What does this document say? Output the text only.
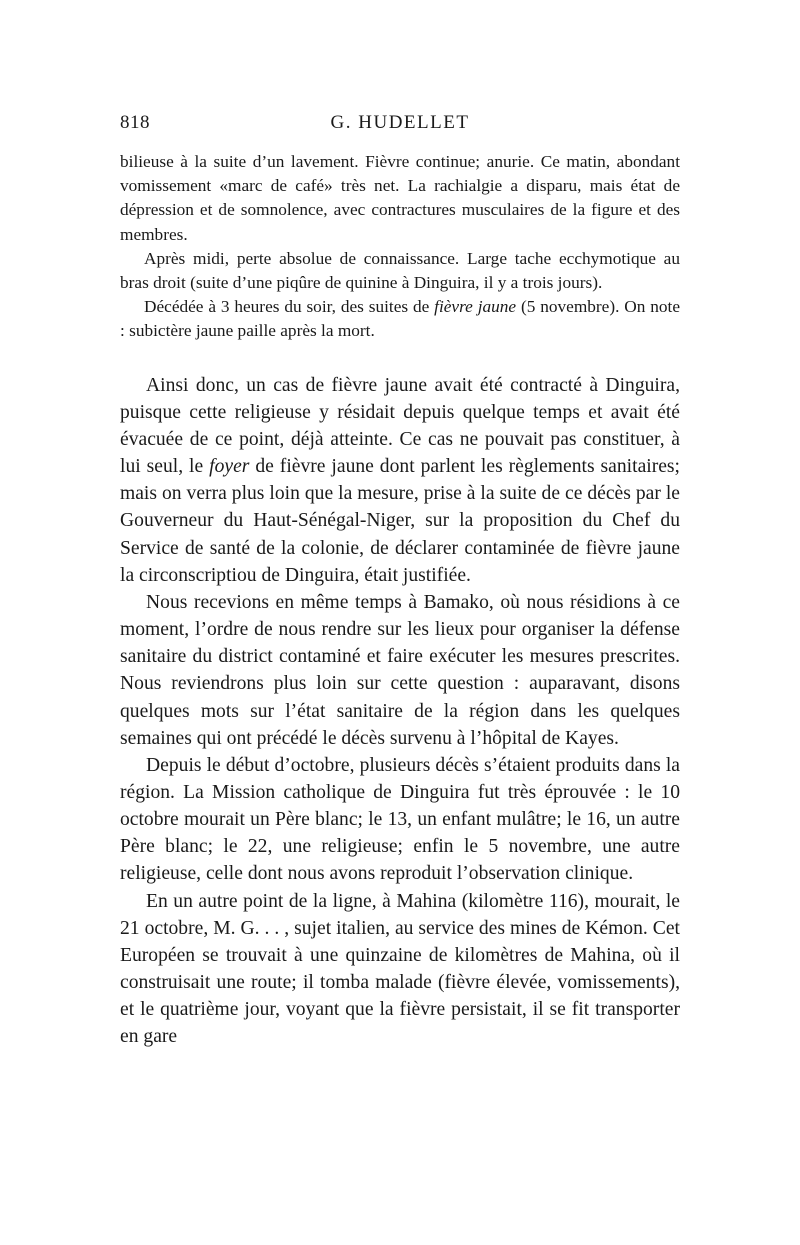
818	G. HUDELLET

bilieuse à la suite d’un lavement. Fièvre continue; anurie. Ce matin, abondant vomissement «marc de café» très net. La rachialgie a disparu, mais état de dépression et de somnolence, avec contractures musculaires de la figure et des membres.

Après midi, perte absolue de connaissance. Large tache ecchymotique au bras droit (suite d’une piqûre de quinine à Dinguira, il y a trois jours).

Décédée à 3 heures du soir, des suites de fièvre jaune (5 novembre). On note : subictère jaune paille après la mort.

Ainsi donc, un cas de fièvre jaune avait été contracté à Dinguira, puisque cette religieuse y résidait depuis quelque temps et avait été évacuée de ce point, déjà atteinte. Ce cas ne pouvait pas constituer, à lui seul, le foyer de fièvre jaune dont parlent les règlements sanitaires; mais on verra plus loin que la mesure, prise à la suite de ce décès par le Gouverneur du Haut-Sénégal-Niger, sur la proposition du Chef du Service de santé de la colonie, de déclarer contaminée de fièvre jaune la circonscriptiou de Dinguira, était justifiée.

Nous recevions en même temps à Bamako, où nous résidions à ce moment, l’ordre de nous rendre sur les lieux pour organiser la défense sanitaire du district contaminé et faire exécuter les mesures prescrites. Nous reviendrons plus loin sur cette question : auparavant, disons quelques mots sur l’état sanitaire de la région dans les quelques semaines qui ont précédé le décès survenu à l’hôpital de Kayes.

Depuis le début d’octobre, plusieurs décès s’étaient produits dans la région. La Mission catholique de Dinguira fut très éprouvée : le 10 octobre mourait un Père blanc; le 13, un enfant mulâtre; le 16, un autre Père blanc; le 22, une religieuse; enfin le 5 novembre, une autre religieuse, celle dont nous avons reproduit l’observation clinique.

En un autre point de la ligne, à Mahina (kilomètre 116), mourait, le 21 octobre, M. G. . . , sujet italien, au service des mines de Kémon. Cet Européen se trouvait à une quinzaine de kilomètres de Mahina, où il construisait une route; il tomba malade (fièvre élevée, vomissements), et le quatrième jour, voyant que la fièvre persistait, il se fit transporter en gare
